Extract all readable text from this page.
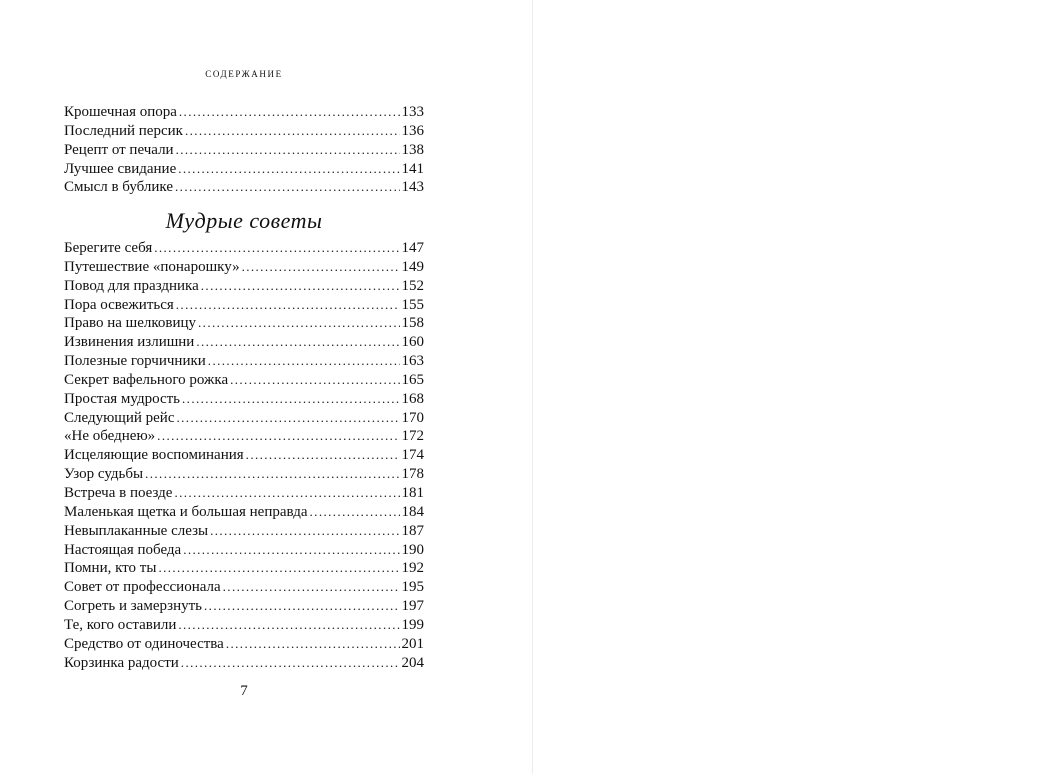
содержание
Крошечная опора .....	133
Последний персик .....	136
Рецепт от печали .....	138
Лучшее свидание .....	141
Смысл в бублике .....	143
Мудрые советы
Берегите себя .....	147
Путешествие «понарошку» .....	149
Повод для праздника .....	152
Пора освежиться .....	155
Право на шелковицу .....	158
Извинения излишни .....	160
Полезные горчичники .....	163
Секрет вафельного рожка .....	165
Простая мудрость .....	168
Следующий рейс .....	170
«Не обеднею» .....	172
Исцеляющие воспоминания .....	174
Узор судьбы .....	178
Встреча в поезде .....	181
Маленькая щетка и большая неправда .....	184
Невыплаканные слезы .....	187
Настоящая победа .....	190
Помни, кто ты .....	192
Совет от профессионала .....	195
Согреть и замерзнуть .....	197
Те, кого оставили .....	199
Средство от одиночества .....	201
Корзинка радости .....	204
7
